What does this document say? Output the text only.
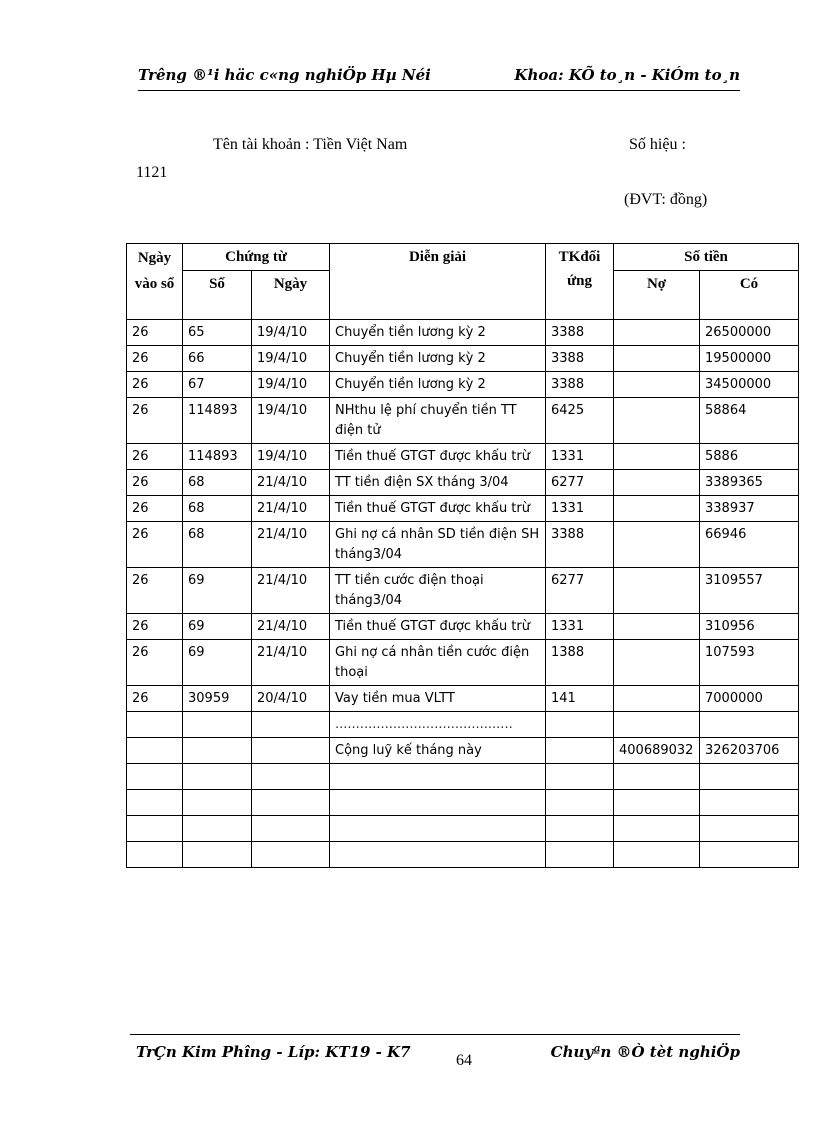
Trêng ®¹i häc c«ng nghiÖp Hµ Néi	Khoa: KÕ to¸n - KiÓm to¸n
Tên tài khoản : Tiền Việt Nam	Số hiệu :
1121
(ĐVT: đồng)
Ngày vào sổ	Chứng từ		Diễn giải	TKđối ứng	Số tiền	
	Số	Ngày			Nợ	Có
26	65	19/4/10	Chuyển tiền lương kỳ 2	3388		26500000
26	66	19/4/10	Chuyển tiền lương kỳ 2	3388		19500000
26	67	19/4/10	Chuyển tiền lương kỳ 2	3388		34500000
26	114893	19/4/10	NHthu lệ phí chuyển tiền TT điện tử	6425		58864
26	114893	19/4/10	Tiền thuế GTGT được khấu trừ	1331		5886
26	68	21/4/10	TT tiền điện SX tháng 3/04	6277		3389365
26	68	21/4/10	Tiền thuế GTGT được khấu trừ	1331		338937
26	68	21/4/10	Ghi nợ cá nhân SD tiền điện SH tháng3/04	3388		66946
26	69	21/4/10	TT tiền cước điện thoại tháng3/04	6277		3109557
26	69	21/4/10	Tiền thuế GTGT được khấu trừ	1331		310956
26	69	21/4/10	Ghi nợ cá nhân tiền cước điện thoại	1388		107593
26	30959	20/4/10	Vay tiền mua VLTT	141		7000000
			...........................................			
			Cộng luỹ kế tháng này		400689032	326203706

TrÇn Kim Phîng - Líp: KT19 - K7	Chuyªn ®Ò tèt nghiÖp
64
